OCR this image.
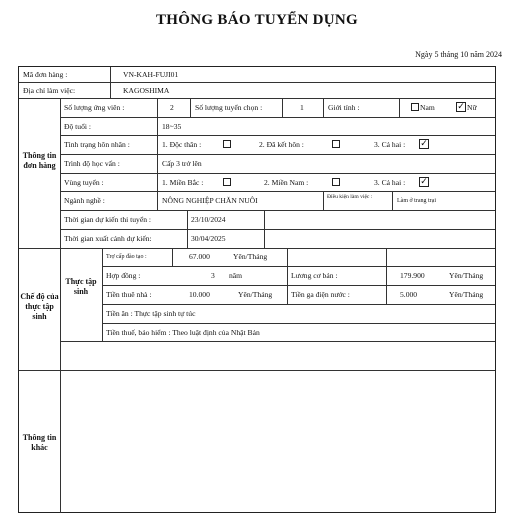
THÔNG BÁO TUYỂN DỤNG
Ngày 5 tháng 10 năm 2024
Mã đơn hàng :	VN-KAH-FUJI01
Địa chỉ làm việc:	KAGOSHIMA
Thông tin đơn hàng
Số lượng ứng viên :	2	Số lượng tuyển chọn :	1	Giới tính :	Nam ✓ Nữ
Độ tuổi :	18~35
Tình trạng hôn nhân :	1. Độc thân :	2. Đã kết hôn :	3. Cả hai : ✓
Trình độ học vấn :	Cấp 3 trở lên
Vùng tuyển :	1. Miền Bắc :	2. Miền Nam :	3. Cả hai : ✓
Ngành nghề :	NÔNG NGHIỆP CHĂN NUÔI	Điều kiện làm việc :
Làm ở trang trại
Thời gian dự kiến thi tuyển :	23/10/2024
Thời gian xuất cảnh dự kiến:	30/04/2025
Chế độ của thực tập sinh
Thực tập sinh
Trợ cấp đào tạo :	67.000	Yên/Tháng
Hợp đồng :	3 năm	Lương cơ bản :	179.900	Yên/Tháng
Tiền thuê nhà :	10.000	Yên/Tháng Tiền ga điện nước :	5.000	Yên/Tháng
Tiền ăn : Thực tập sinh tự túc
Tiền thuế, bảo hiểm : Theo luật định của Nhật Bản
Thông tin khác
